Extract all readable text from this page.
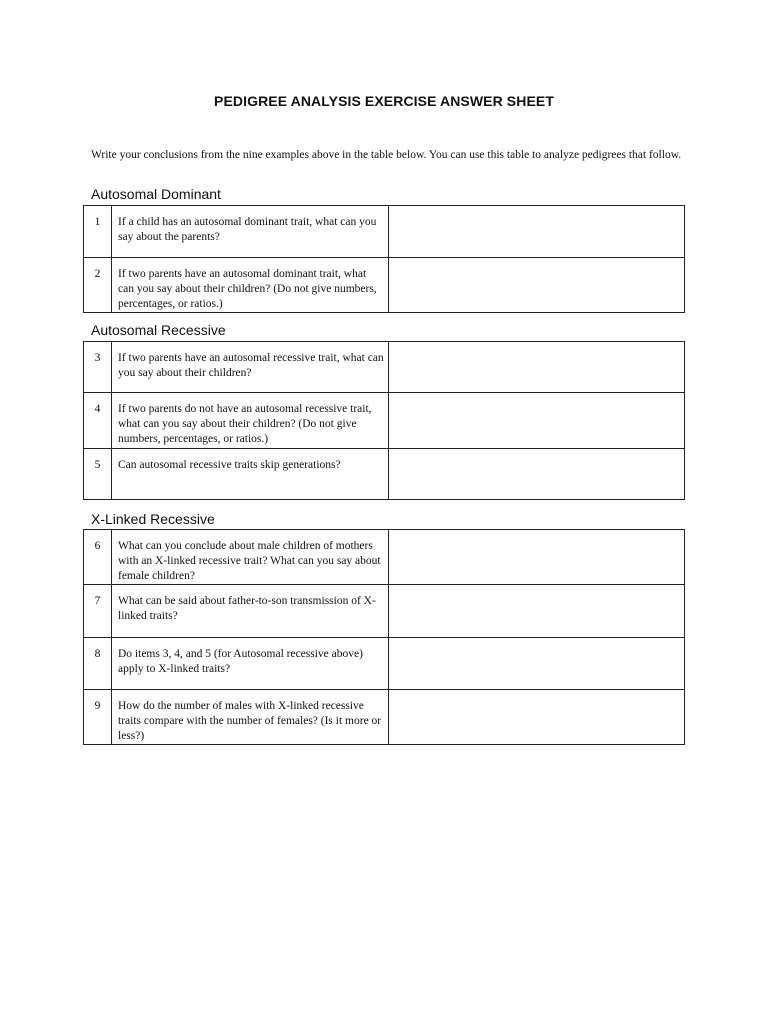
PEDIGREE ANALYSIS EXERCISE ANSWER SHEET
Write your conclusions from the nine examples above in the table below. You can use this table to analyze pedigrees that follow.
Autosomal Dominant
1	If a child has an autosomal dominant trait, what can you say about the parents?	
2	If two parents have an autosomal dominant trait, what can you say about their children? (Do not give numbers, percentages, or ratios.)	
Autosomal Recessive
3	If two parents have an autosomal recessive trait, what can you say about their children?	
4	If two parents do not have an autosomal recessive trait, what can you say about their children? (Do not give numbers, percentages, or ratios.)	
5	Can autosomal recessive traits skip generations?	
X-Linked Recessive
6	What can you conclude about male children of mothers with an X-linked recessive trait? What can you say about female children?	
7	What can be said about father-to-son transmission of X-linked traits?	
8	Do items 3, 4, and 5 (for Autosomal recessive above) apply to X-linked traits?	
9	How do the number of males with X-linked recessive traits compare with the number of females? (Is it more or less?)	
